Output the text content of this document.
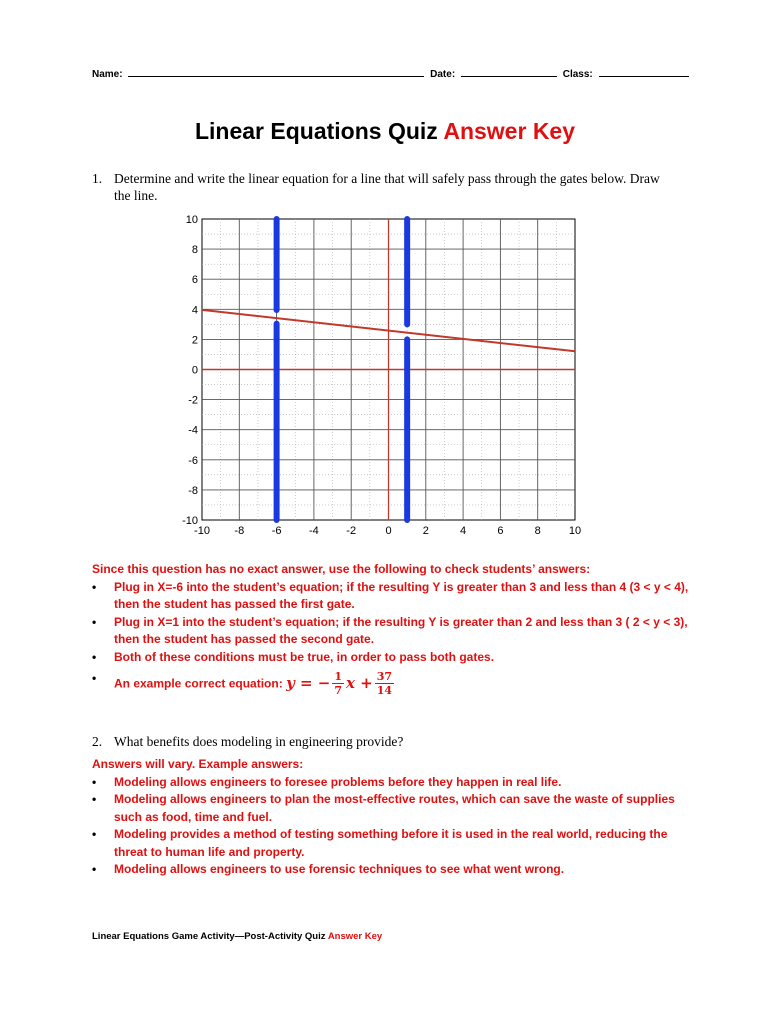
Name:	Date:	Class:
Linear Equations Quiz Answer Key
1. Determine and write the linear equation for a line that will safely pass through the gates below. Draw the line.
-10 -8	-6	-4	-2	0	2	4	6	8	10
-10
-8
-6
-4
-2
0
2
4
6
8
10
Since this question has no exact answer, use the following to check students’ answers:
• Plug in X=-6 into the student’s equation; if the resulting Y is greater than 3 and less than 4 (3 < y < 4), then the student has passed the first gate.
• Plug in X=1 into the student’s equation; if the resulting Y is greater than 2 and less than 3 ( 2 < y < 3), then the student has passed the second gate.
• Both of these conditions must be true, in order to pass both gates.
• An example correct equation: y = − $\frac{1}{7}$ $x + \frac{37}{14}$
2. What benefits does modeling in engineering provide?
Answers will vary. Example answers:
• Modeling allows engineers to foresee problems before they happen in real life.
• Modeling allows engineers to plan the most-effective routes, which can save the waste of supplies such as food, time and fuel.
• Modeling provides a method of testing something before it is used in the real world, reducing the threat to human life and property.
• Modeling allows engineers to use forensic techniques to see what went wrong.
Linear Equations Game Activity—Post-Activity Quiz Answer Key
